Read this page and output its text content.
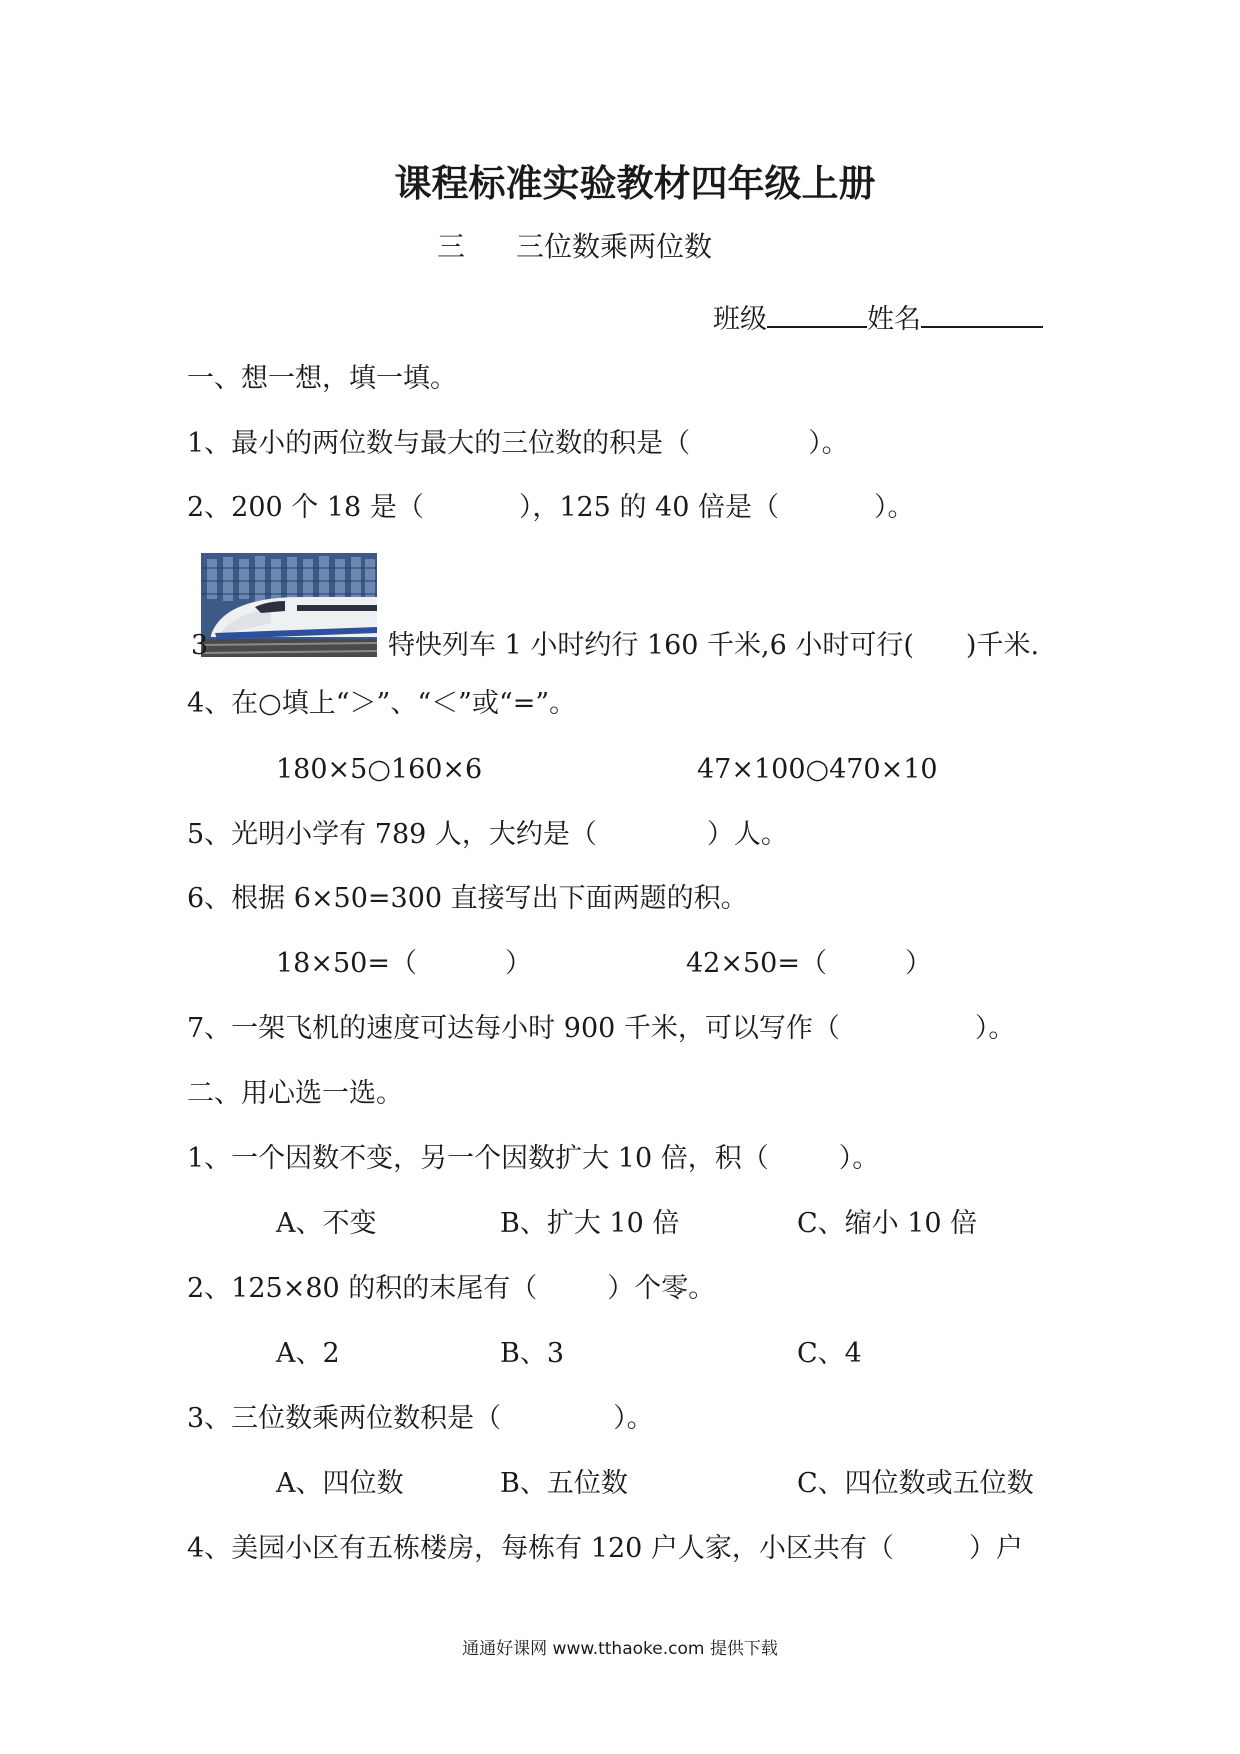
课程标准实验教材四年级上册
三 三位数乘两位数
班级	姓名
一、想一想，填一填。
1、最小的两位数与最大的三位数的积是（	）。
2、200 个 18 是（	），125 的 40 倍是（	）。
3	特快列车 1 小时约行 160 千米,6 小时可行( )千米.
4、在○填上“＞”、“＜”或“=”。
180×5○160×6	47×100○470×10
5、光明小学有 789 人，大约是（	）人。
6、根据 6×50=300 直接写出下面两题的积。
18×50=（	）	42×50=（	）
7、一架飞机的速度可达每小时 900 千米，可以写作（	）。
二、用心选一选。
1、一个因数不变，另一个因数扩大 10 倍，积（	）。
A、不变	B、扩大 10 倍	C、缩小 10 倍
2、125×80 的积的末尾有（	）个零。
A、2	B、3	C、4
3、三位数乘两位数积是（	）。
A、四位数	B、五位数	C、四位数或五位数
4、美园小区有五栋楼房，每栋有 120 户人家，小区共有（	）户
通通好课网 www.tthaoke.com 提供下载
